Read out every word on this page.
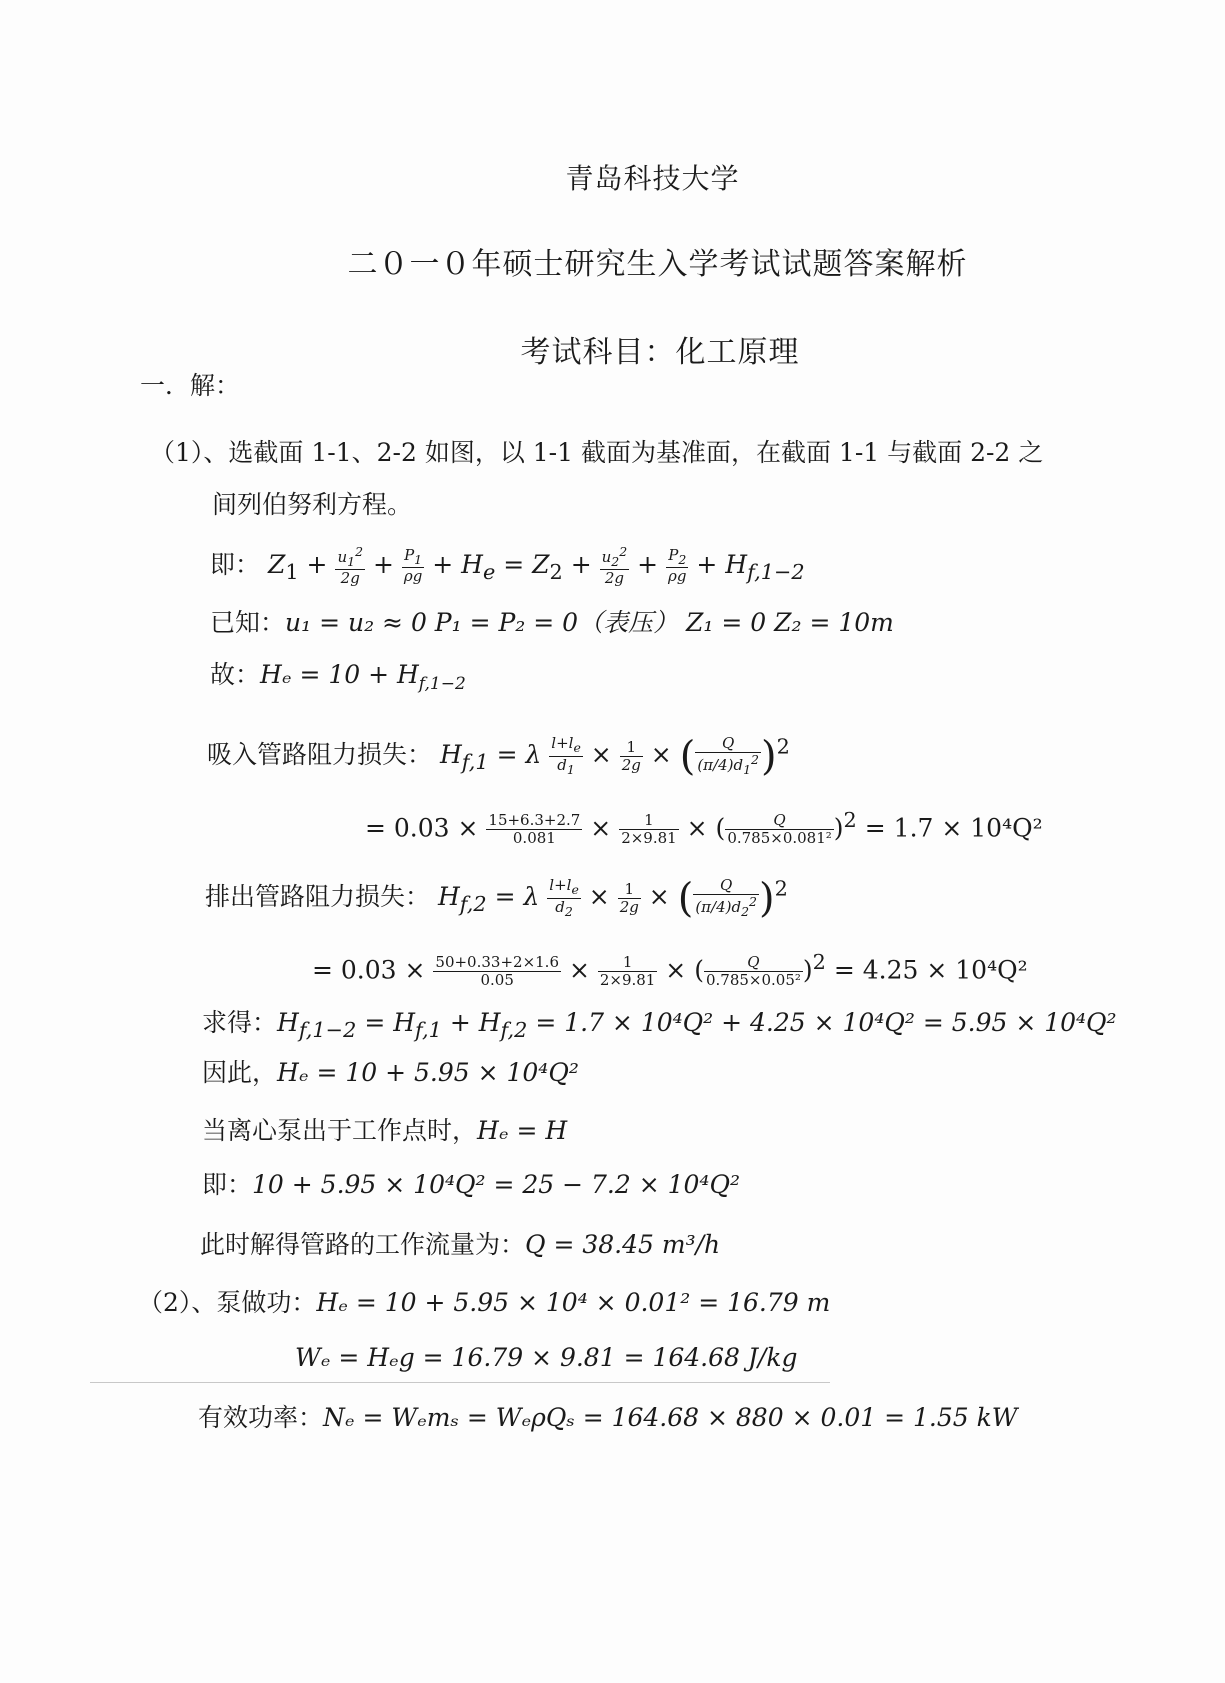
青岛科技大学
二０一０年硕士研究生入学考试试题答案解析
考试科目：化工原理
一．解：
（1）、选截面 1-1、2-2 如图，以 1-1 截面为基准面，在截面 1-1 与截面 2-2 之
间列伯努利方程。
即： $Z_1 + \frac{u_1^2}{2g} + \frac{P_1}{\rho g} + H_e = Z_2 + \frac{u_2^2}{2g} + \frac{P_2}{\rho g} + H_{f,1-2}$
已知：u₁ = u₂ ≈ 0 P₁ = P₂ = 0（表压） Z₁ = 0 Z₂ = 10m
故：$H_e = 10 + H_{f,1-2}$
吸入管路阻力损失： $H_{f,1} = \lambda \frac{l+l_e}{d_1} \times \frac{1}{2g}$ × ( $\frac{Q}{(\pi/4)d_1^2} )^2$
= $0.03 \times \frac{15+6.3+2.7}{0.081} \times \frac{1}{2\times 9.81}$ × ( $\frac{Q}{\text{0.785×0.081²}} )^2 = 1.7 \times 10^4Q^2$
排出管路阻力损失： $H_{f,2} = \lambda \frac{l+l_e}{d_2} \times \frac{1}{2g}$ × ( $\frac{Q}{(\pi/4)d_2^2} )^2$
= $0.03 \times \frac{50+0.33+2\times 1.6}{0.05} \times \frac{1}{2\times 9.81}$ × ( $\frac{Q}{\text{0.785×0.05²}} )^2 = 4.25 \times 10^4Q^2$
求得：$H_{f,1-2} = H_{f,1} + H_{f,2} = 1.7 \times 10^4Q^2 + 4.25 \times 10^4Q^2 = 5.95 \times 10^4Q^2$
因此，Hₑ = 10 + 5.95 × 10⁴Q²
当离心泵出于工作点时，Hₑ = H
即：10 + 5.95 × 10⁴Q² = 25 − 7.2 × 10⁴Q²
此时解得管路的工作流量为：Q = 38.45 m³/h
（2）、泵做功：Hₑ = 10 + 5.95 × 10⁴ × 0.01² = 16.79 m
Wₑ = Hₑg = 16.79 × 9.81 = 164.68 J/kg
有效功率：Nₑ = Wₑmₛ = WₑρQₛ = 164.68 × 880 × 0.01 = 1.55 kW
